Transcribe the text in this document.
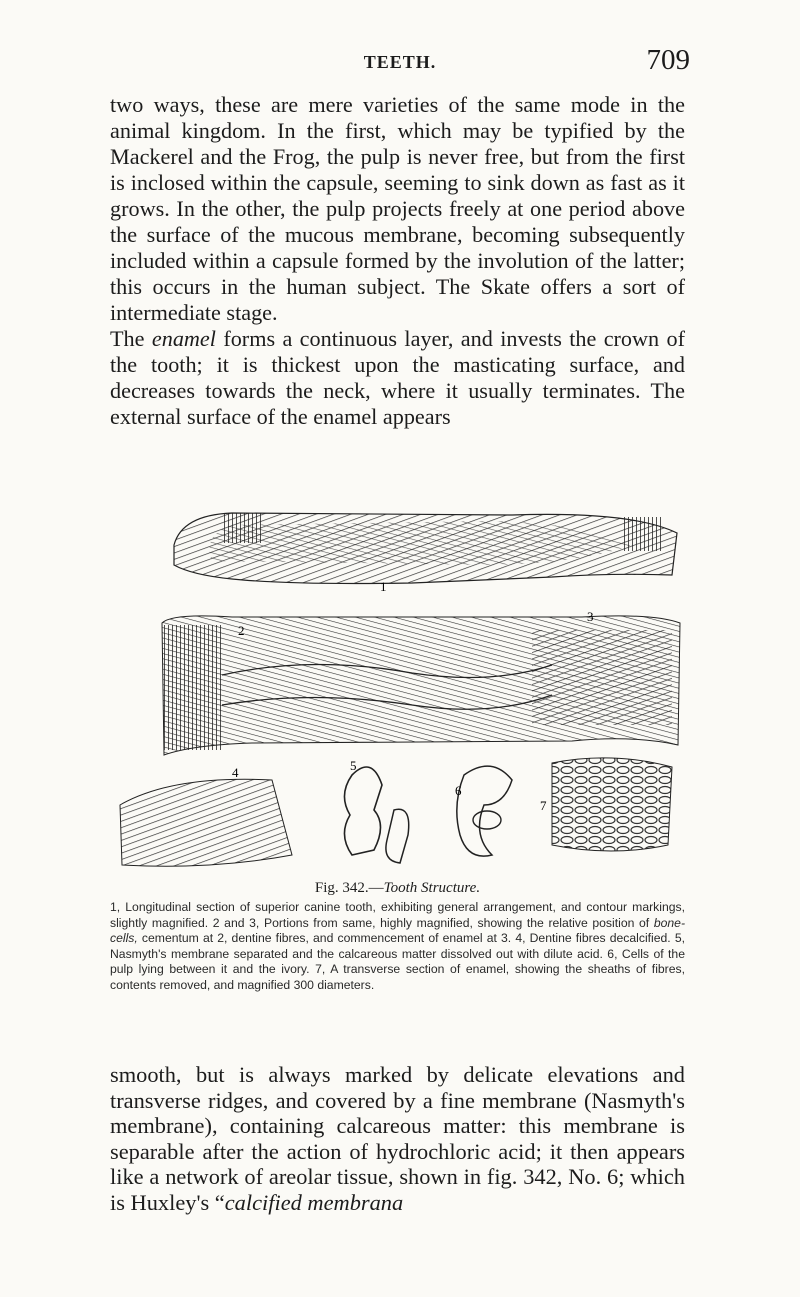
TEETH.	709

two ways, these are mere varieties of the same mode in the animal kingdom. In the first, which may be typified by the Mackerel and the Frog, the pulp is never free, but from the first is inclosed within the capsule, seeming to sink down as fast as it grows. In the other, the pulp projects freely at one period above the surface of the mucous membrane, becoming subsequently included within a capsule formed by the involution of the latter; this occurs in the human subject. The Skate offers a sort of intermediate stage.

The enamel forms a continuous layer, and invests the crown of the tooth; it is thickest upon the masticating surface, and decreases towards the neck, where it usually terminates. The external surface of the enamel appears

1
2
3
4	5
6
7
Fig. 342.—Tooth Structure.
1, Longitudinal section of superior canine tooth, exhibiting general arrangement, and contour markings, slightly magnified. 2 and 3, Portions from same, highly magnified, showing the relative position of bone-cells, cementum at 2, dentine fibres, and commencement of enamel at 3. 4, Dentine fibres decalcified. 5, Nasmyth's membrane separated and the calcareous matter dissolved out with dilute acid. 6, Cells of the pulp lying between it and the ivory. 7, A transverse section of enamel, showing the sheaths of fibres, contents removed, and magnified 300 diameters.

smooth, but is always marked by delicate elevations and transverse ridges, and covered by a fine membrane (Nasmyth's membrane), containing calcareous matter: this membrane is separable after the action of hydrochloric acid; it then appears like a network of areolar tissue, shown in fig. 342, No. 6; which is Huxley's “calcified membrana
